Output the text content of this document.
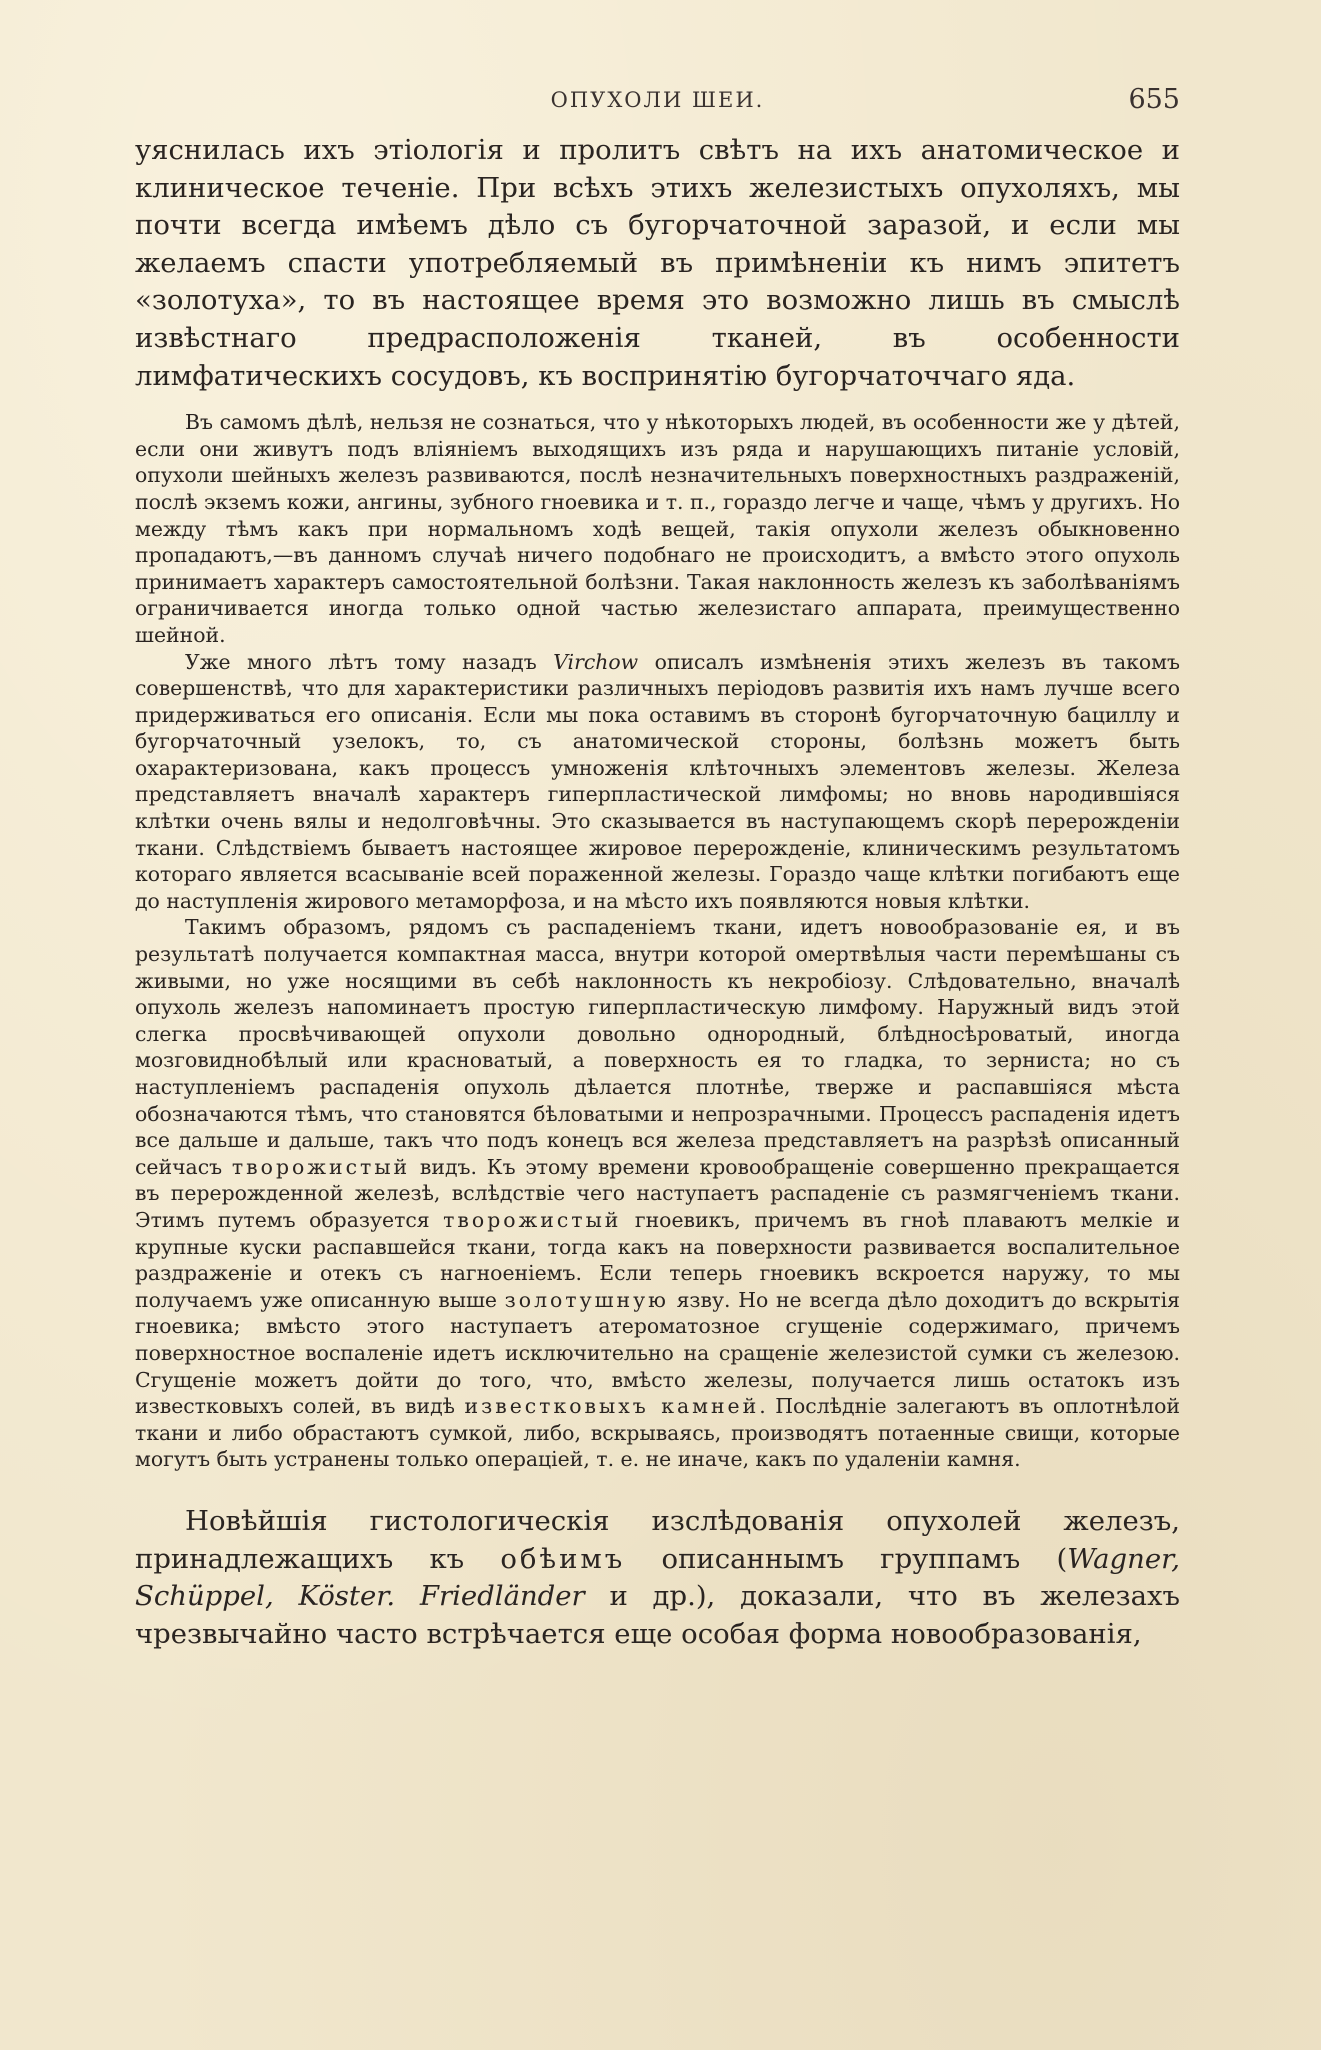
ОПУХОЛИ ШЕИ.	655

уяснилась ихъ этіологія и пролитъ свѣтъ на ихъ анатомическое и клиническое теченіе. При всѣхъ этихъ железистыхъ опухоляхъ, мы почти всегда имѣемъ дѣло съ бугорчаточной заразой, и если мы желаемъ спасти употребляемый въ примѣненіи къ нимъ эпитетъ «золотуха», то въ настоящее время это возможно лишь въ смыслѣ извѣстнаго предрасположенія тканей, въ особенности лимфатическихъ сосудовъ, къ воспринятію бугорчаточчаго яда.

Въ самомъ дѣлѣ, нельзя не сознаться, что у нѣкоторыхъ людей, въ особенности же у дѣтей, если они живутъ подъ вліяніемъ выходящихъ изъ ряда и нарушающихъ питаніе условій, опухоли шейныхъ железъ развиваются, послѣ незначительныхъ поверхностныхъ раздраженій, послѣ экземъ кожи, ангины, зубного гноевика и т. п., гораздо легче и чаще, чѣмъ у другихъ. Но между тѣмъ какъ при нормальномъ ходѣ вещей, такія опухоли железъ обыкновенно пропадаютъ,—въ данномъ случаѣ ничего подобнаго не происходитъ, а вмѣсто этого опухоль принимаетъ характеръ самостоятельной болѣзни. Такая наклонность железъ къ заболѣваніямъ ограничивается иногда только одной частью железистаго аппарата, преимущественно шейной.

Уже много лѣтъ тому назадъ Virchow описалъ измѣненія этихъ железъ въ такомъ совершенствѣ, что для характеристики различныхъ періодовъ развитія ихъ намъ лучше всего придерживаться его описанія. Если мы пока оставимъ въ сторонѣ бугорчаточную бациллу и бугорчаточный узелокъ, то, съ анатомической стороны, болѣзнь можетъ быть охарактеризована, какъ процессъ умноженія клѣточныхъ элементовъ железы. Железа представляетъ вначалѣ характеръ гиперпластической лимфомы; но вновь народившіяся клѣтки очень вялы и недолговѣчны. Это сказывается въ наступающемъ скорѣ перерожденіи ткани. Слѣдствіемъ бываетъ настоящее жировое перерожденіе, клиническимъ результатомъ котораго является всасываніе всей пораженной железы. Гораздо чаще клѣтки погибаютъ еще до наступленія жирового метаморфоза, и на мѣсто ихъ появляются новыя клѣтки.

Такимъ образомъ, рядомъ съ распаденіемъ ткани, идетъ новообразованіе ея, и въ результатѣ получается компактная масса, внутри которой омертвѣлыя части перемѣшаны съ живыми, но уже носящими въ себѣ наклонность къ некробіозу. Слѣдовательно, вначалѣ опухоль железъ напоминаетъ простую гиперпластическую лимфому. Наружный видъ этой слегка просвѣчивающей опухоли довольно однородный, блѣдносѣроватый, иногда мозговиднобѣлый или красноватый, а поверхность ея то гладка, то зерниста; но съ наступленіемъ распаденія опухоль дѣлается плотнѣе, тверже и распавшіяся мѣста обозначаются тѣмъ, что становятся бѣловатыми и непрозрачными. Процессъ распаденія идетъ все дальше и дальше, такъ что подъ конецъ вся железа представляетъ на разрѣзѣ описанный сейчасъ творожистый видъ. Къ этому времени кровообращеніе совершенно прекращается въ перерожденной железѣ, вслѣдствіе чего наступаетъ распаденіе съ размягченіемъ ткани. Этимъ путемъ образуется творожистый гноевикъ, причемъ въ гноѣ плаваютъ мелкіе и крупные куски распавшейся ткани, тогда какъ на поверхности развивается воспалительное раздраженіе и отекъ съ нагноеніемъ. Если теперь гноевикъ вскроется наружу, то мы получаемъ уже описанную выше золотушную язву. Но не всегда дѣло доходитъ до вскрытія гноевика; вмѣсто этого наступаетъ атероматозное сгущеніе содержимаго, причемъ поверхностное воспаленіе идетъ исключительно на сращеніе железистой сумки съ железою. Сгущеніе можетъ дойти до того, что, вмѣсто железы, получается лишь остатокъ изъ известковыхъ солей, въ видѣ известковыхъ камней. Послѣдніе залегаютъ въ оплотнѣлой ткани и либо обрастаютъ сумкой, либо, вскрываясь, производятъ потаенные свищи, которые могутъ быть устранены только операціей, т. е. не иначе, какъ по удаленіи камня.

Новѣйшія гистологическія изслѣдованія опухолей железъ, принадлежащихъ къ обѣимъ описаннымъ группамъ (Wagner, Schüppel, Köster. Friedländer и др.), доказали, что въ железахъ чрезвычайно часто встрѣчается еще особая форма новообразованія,
